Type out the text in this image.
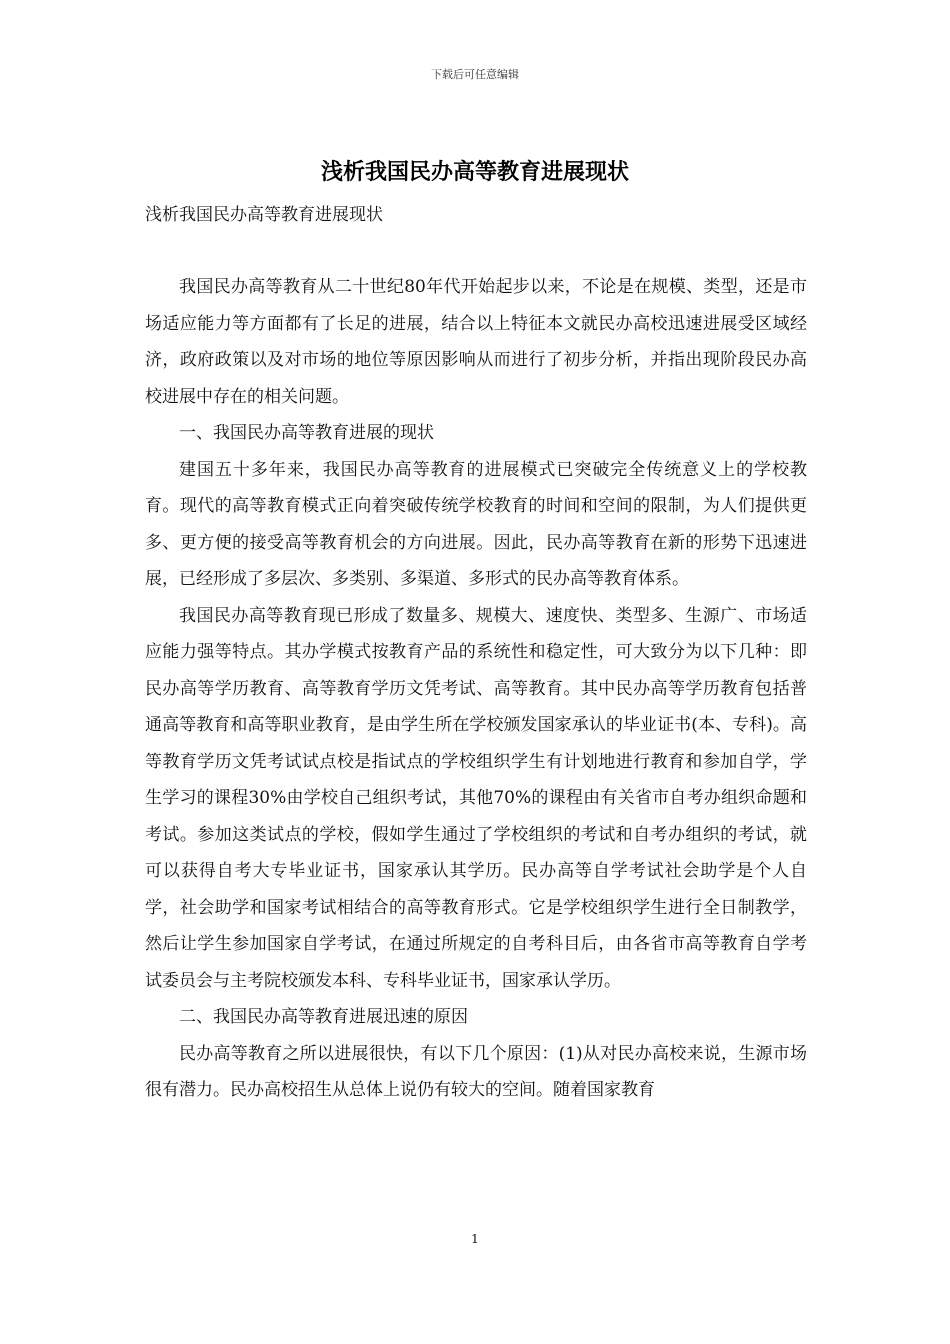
下载后可任意编辑
浅析我国民办高等教育进展现状
浅析我国民办高等教育进展现状

我国民办高等教育从二十世纪80年代开始起步以来，不论是在规模、类型，还是市场适应能力等方面都有了长足的进展，结合以上特征本文就民办高校迅速进展受区域经济，政府政策以及对市场的地位等原因影响从而进行了初步分析，并指出现阶段民办高校进展中存在的相关问题。

一、我国民办高等教育进展的现状

建国五十多年来，我国民办高等教育的进展模式已突破完全传统意义上的学校教育。现代的高等教育模式正向着突破传统学校教育的时间和空间的限制，为人们提供更多、更方便的接受高等教育机会的方向进展。因此，民办高等教育在新的形势下迅速进展，已经形成了多层次、多类别、多渠道、多形式的民办高等教育体系。

我国民办高等教育现已形成了数量多、规模大、速度快、类型多、生源广、市场适应能力强等特点。其办学模式按教育产品的系统性和稳定性，可大致分为以下几种：即民办高等学历教育、高等教育学历文凭考试、高等教育。其中民办高等学历教育包括普通高等教育和高等职业教育，是由学生所在学校颁发国家承认的毕业证书(本、专科)。高等教育学历文凭考试试点校是指试点的学校组织学生有计划地进行教育和参加自学，学生学习的课程30%由学校自己组织考试，其他70%的课程由有关省市自考办组织命题和考试。参加这类试点的学校，假如学生通过了学校组织的考试和自考办组织的考试，就可以获得自考大专毕业证书，国家承认其学历。民办高等自学考试社会助学是个人自学，社会助学和国家考试相结合的高等教育形式。它是学校组织学生进行全日制教学，然后让学生参加国家自学考试，在通过所规定的自考科目后，由各省市高等教育自学考试委员会与主考院校颁发本科、专科毕业证书，国家承认学历。

二、我国民办高等教育进展迅速的原因

民办高等教育之所以进展很快，有以下几个原因：(1)从对民办高校来说，生源市场很有潜力。民办高校招生从总体上说仍有较大的空间。随着国家教育

1
